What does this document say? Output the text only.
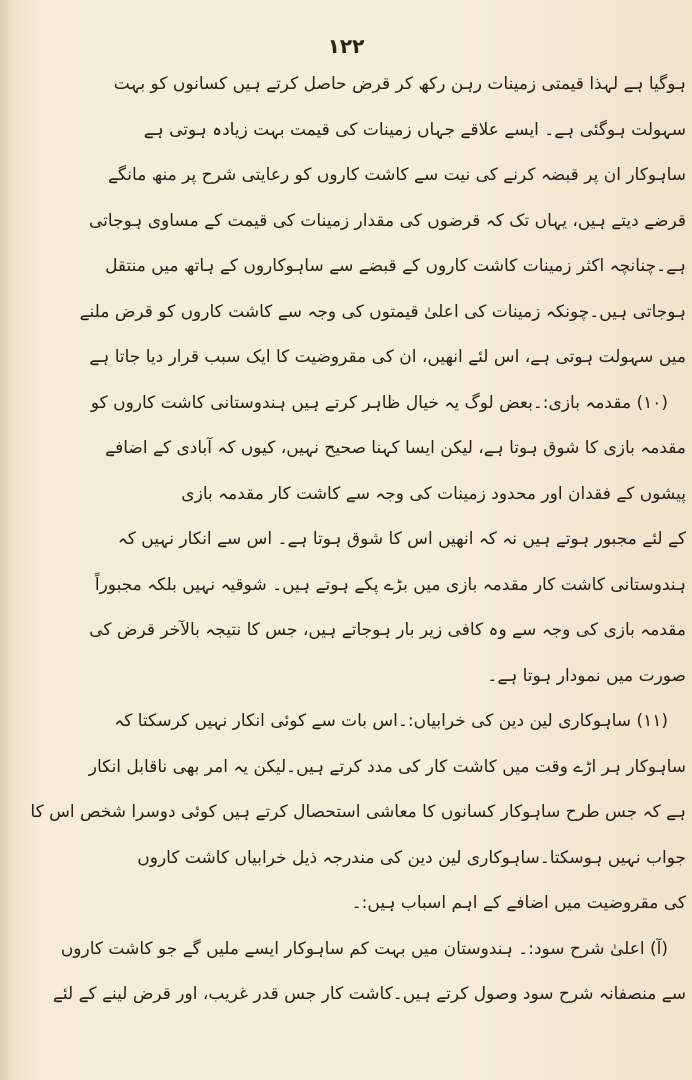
۱۲۲

ہوگیا ہے لہذا قیمتی زمینات رہن رکھ کر قرض حاصل کرتے ہیں کسانوں کو بہت
سہولت ہوگئی ہے۔ ایسے علاقے جہاں زمینات کی قیمت بہت زیادہ ہوتی ہے
ساہوکار ان پر قبضہ کرنے کی نیت سے کاشت کاروں کو رعایتی شرح پر منھ مانگے
قرضے دیتے ہیں، یہاں تک کہ قرضوں کی مقدار زمینات کی قیمت کے مساوی ہوجاتی
ہے۔چنانچہ اکثر زمینات کاشت کاروں کے قبضے سے ساہوکاروں کے ہاتھ میں منتقل
ہوجاتی ہیں۔چونکہ زمینات کی اعلیٰ قیمتوں کی وجہ سے کاشت کاروں کو قرض ملنے
میں سہولت ہوتی ہے، اس لئے انھیں، ان کی مقروضیت کا ایک سبب قرار دیا جاتا ہے
(۱۰) مقدمہ بازی:۔بعض لوگ یہ خیال ظاہر کرتے ہیں ہندوستانی کاشت کاروں کو
مقدمہ بازی کا شوق ہوتا ہے، لیکن ایسا کہنا صحیح نہیں، کیوں کہ آبادی کے اضافے
پیشوں کے فقدان اور محدود زمینات کی وجہ سے کاشت کار مقدمہ بازی
کے لئے مجبور ہوتے ہیں نہ کہ انھیں اس کا شوق ہوتا ہے۔ اس سے انکار نہیں کہ
ہندوستانی کاشت کار مقدمہ بازی میں بڑے پکے ہوتے ہیں۔ شوقیہ نہیں بلکہ مجبوراً
مقدمہ بازی کی وجہ سے وہ کافی زیر بار ہوجاتے ہیں، جس کا نتیجہ بالآخر قرض کی
صورت میں نمودار ہوتا ہے۔
(۱۱) ساہوکاری لین دین کی خرابیاں:۔اس بات سے کوئی انکار نہیں کرسکتا کہ
ساہوکار ہر اڑے وقت میں کاشت کار کی مدد کرتے ہیں۔لیکن یہ امر بھی ناقابل انکار
ہے کہ جس طرح ساہوکار کسانوں کا معاشی استحصال کرتے ہیں کوئی دوسرا شخص اس کا
جواب نہیں ہوسکتا۔ساہوکاری لین دین کی مندرجہ ذیل خرابیاں کاشت کاروں
کی مقروضیت میں اضافے کے اہم اسباب ہیں:۔
(آ) اعلیٰ شرح سود:۔ ہندوستان میں بہت کم ساہوکار ایسے ملیں گے جو کاشت کاروں
سے منصفانہ شرح سود وصول کرتے ہیں۔کاشت کار جس قدر غریب، اور قرض لینے کے لئے
